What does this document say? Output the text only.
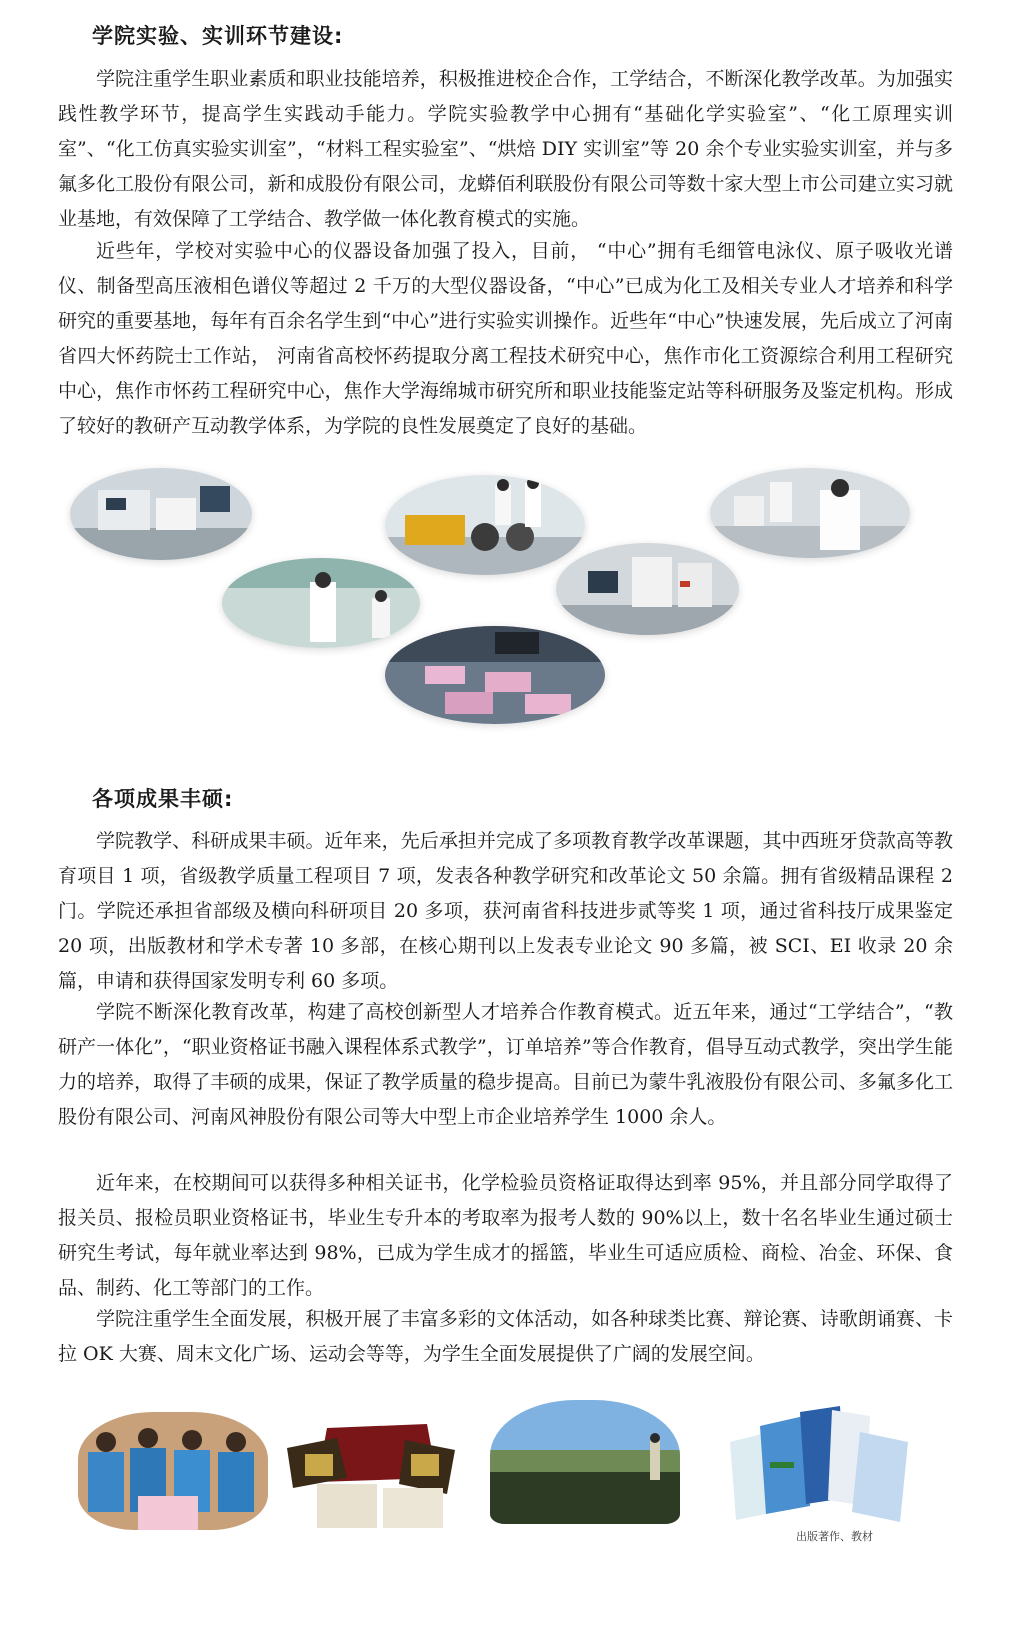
学院实验、实训环节建设:

学院注重学生职业素质和职业技能培养，积极推进校企合作，工学结合，不断深化教学改革。为加强实践性教学环节，提高学生实践动手能力。学院实验教学中心拥有“基础化学实验室”、“化工原理实训室”、“化工仿真实验实训室”，“材料工程实验室”、“烘焙 DIY 实训室”等 20 余个专业实验实训室，并与多氟多化工股份有限公司，新和成股份有限公司，龙蟒佰利联股份有限公司等数十家大型上市公司建立实习就业基地，有效保障了工学结合、教学做一体化教育模式的实施。

近些年，学校对实验中心的仪器设备加强了投入，目前， “中心”拥有毛细管电泳仪、原子吸收光谱仪、制备型高压液相色谱仪等超过 2 千万的大型仪器设备，“中心”已成为化工及相关专业人才培养和科学研究的重要基地，每年有百余名学生到“中心”进行实验实训操作。近些年“中心”快速发展，先后成立了河南省四大怀药院士工作站， 河南省高校怀药提取分离工程技术研究中心，焦作市化工资源综合利用工程研究中心，焦作市怀药工程研究中心，焦作大学海绵城市研究所和职业技能鉴定站等科研服务及鉴定机构。形成了较好的教研产互动教学体系，为学院的良性发展奠定了良好的基础。

各项成果丰硕:

学院教学、科研成果丰硕。近年来，先后承担并完成了多项教育教学改革课题，其中西班牙贷款高等教育项目 1 项，省级教学质量工程项目 7 项，发表各种教学研究和改革论文 50 余篇。拥有省级精品课程 2 门。学院还承担省部级及横向科研项目 20 多项，获河南省科技进步贰等奖 1 项，通过省科技厅成果鉴定 20 项，出版教材和学术专著 10 多部，在核心期刊以上发表专业论文 90 多篇，被 SCI、EI 收录 20 余篇，申请和获得国家发明专利 60 多项。

学院不断深化教育改革，构建了高校创新型人才培养合作教育模式。近五年来，通过“工学结合”，“教研产一体化”，“职业资格证书融入课程体系式教学”，订单培养”等合作教育，倡导互动式教学，突出学生能力的培养，取得了丰硕的成果，保证了教学质量的稳步提高。目前已为蒙牛乳液股份有限公司、多氟多化工股份有限公司、河南风神股份有限公司等大中型上市企业培养学生 1000 余人。

近年来，在校期间可以获得多种相关证书，化学检验员资格证取得达到率 95%，并且部分同学取得了报关员、报检员职业资格证书，毕业生专升本的考取率为报考人数的 90%以上，数十名名毕业生通过硕士研究生考试，每年就业率达到 98%，已成为学生成才的摇篮，毕业生可适应质检、商检、冶金、环保、食品、制药、化工等部门的工作。

学院注重学生全面发展，积极开展了丰富多彩的文体活动，如各种球类比赛、辩论赛、诗歌朗诵赛、卡拉 OK 大赛、周末文化广场、运动会等等，为学生全面发展提供了广阔的发展空间。

出版著作、教材
